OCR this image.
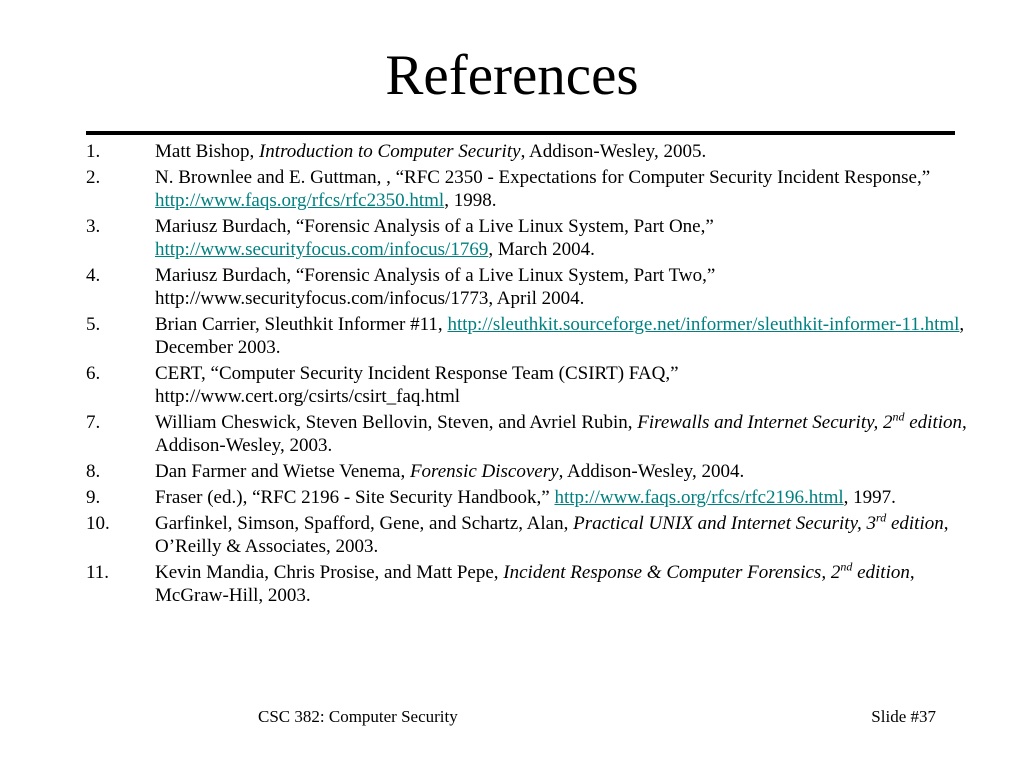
References
1.	Matt Bishop, Introduction to Computer Security, Addison-Wesley, 2005.
2.	N. Brownlee and E. Guttman, , “RFC 2350 - Expectations for Computer Security Incident Response,” http://www.faqs.org/rfcs/rfc2350.html, 1998.
3.	Mariusz Burdach, “Forensic Analysis of a Live Linux System, Part One,” http://www.securityfocus.com/infocus/1769, March 2004.
4.	Mariusz Burdach, “Forensic Analysis of a Live Linux System, Part Two,” http://www.securityfocus.com/infocus/1773, April 2004.
5.	Brian Carrier, Sleuthkit Informer #11, http://sleuthkit.sourceforge.net/informer/sleuthkit-informer-11.html, December 2003.
6.	CERT, “Computer Security Incident Response Team (CSIRT) FAQ,” http://www.cert.org/csirts/csirt_faq.html
7.	William Cheswick, Steven Bellovin, Steven, and Avriel Rubin, Firewalls and Internet Security, 2nd edition, Addison-Wesley, 2003.
8.	Dan Farmer and Wietse Venema, Forensic Discovery, Addison-Wesley, 2004.
9.	Fraser (ed.), “RFC 2196 - Site Security Handbook,” http://www.faqs.org/rfcs/rfc2196.html, 1997.
10. Garfinkel, Simson, Spafford, Gene, and Schartz, Alan, Practical UNIX and Internet Security, 3rd edition, O’Reilly & Associates, 2003.
11. Kevin Mandia, Chris Prosise, and Matt Pepe, Incident Response & Computer Forensics, 2nd edition, McGraw-Hill, 2003.
CSC 382: Computer Security	Slide #37
